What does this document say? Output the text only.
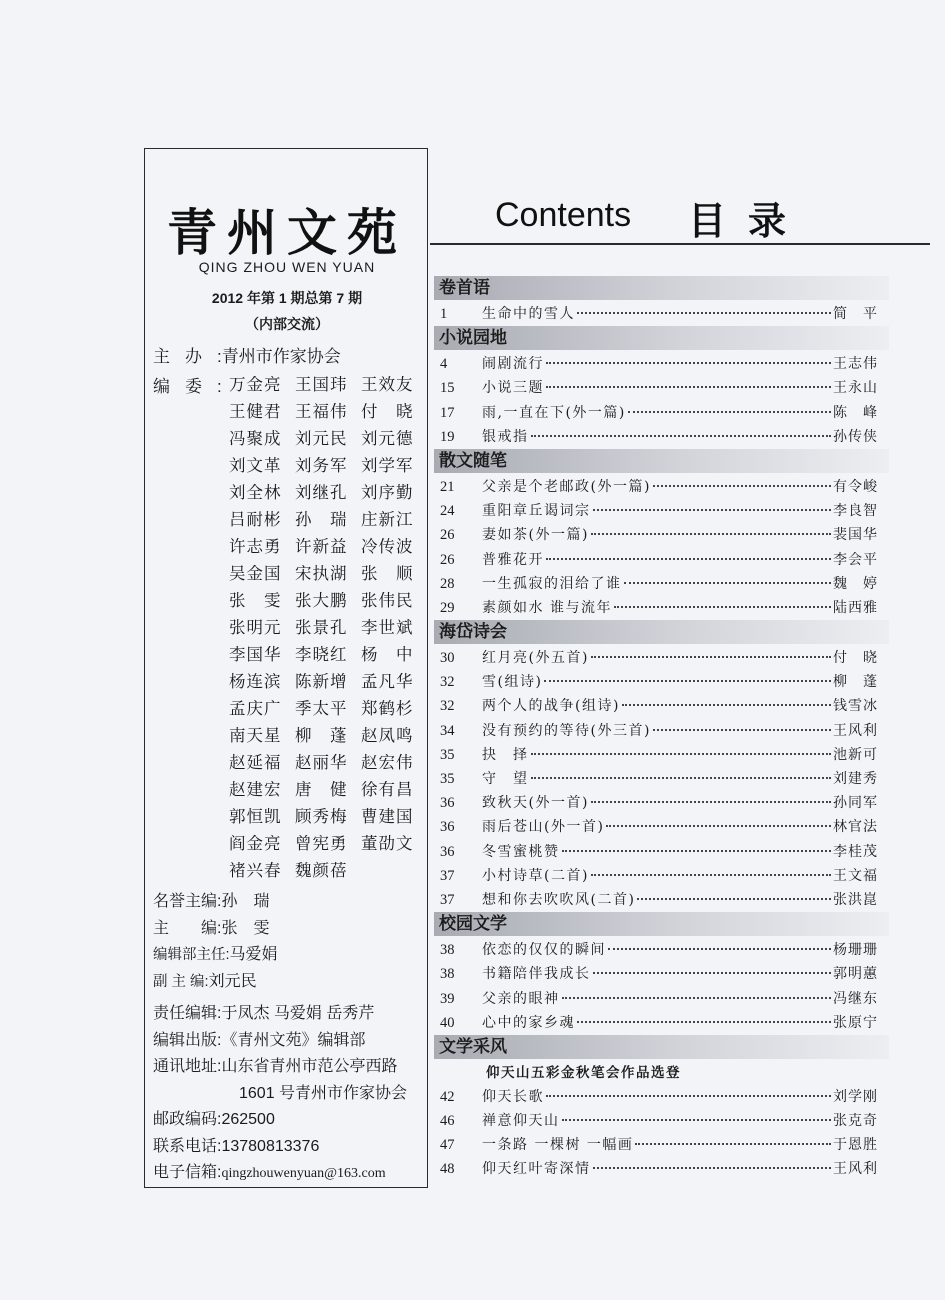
青州文苑
QING ZHOU WEN YUAN
2012 年第 1 期总第 7 期
（内部交流）
主办:青州市作家协会
编委:
万金亮 王国玮 王效友
王健君 王福伟 付　晓
冯聚成 刘元民 刘元德
刘文革 刘务军 刘学军
刘全林 刘继孔 刘序勤
吕耐彬 孙　瑞 庄新江
许志勇 许新益 冷传波
吴金国 宋执湖 张　顺
张　雯 张大鹏 张伟民
张明元 张景孔 李世斌
李国华 李晓红 杨　中
杨连滨 陈新增 孟凡华
孟庆广 季太平 郑鹤杉
南天星 柳　蓬 赵凤鸣
赵延福 赵丽华 赵宏伟
赵建宏 唐　健 徐有昌
郭恒凯 顾秀梅 曹建国
阎金亮 曾宪勇 董劭文
褚兴春 魏颜蓓
名誉主编:孙　瑞
主　　编:张　雯
编辑部主任:马爱娟
副 主 编:刘元民
责任编辑:于凤杰 马爱娟 岳秀芹
编辑出版:《青州文苑》编辑部
通讯地址:山东省青州市范公亭西路
1601 号青州市作家协会
邮政编码:262500
联系电话:13780813376
电子信箱:qingzhouwenyuan@163.com
Contents 目录
卷首语
1	生命中的雪人	简　平
小说园地
4	闹剧流行	王志伟
15	小说三题	王永山
17	雨,一直在下(外一篇)	陈　峰
19	银戒指	孙传侠
散文随笔
21	父亲是个老邮政(外一篇)	有令峻
24	重阳章丘谒词宗	李良智
26	妻如茶(外一篇)	裴国华
26	普雅花开	李会平
28	一生孤寂的泪给了谁	魏　婷
29	素颜如水 谁与流年	陆西雅
海岱诗会
30	红月亮(外五首)	付　晓
32	雪(组诗)	柳　蓬
32	两个人的战争(组诗)	钱雪冰
34	没有预约的等待(外三首)	王风利
35	抉　择	池新可
35	守　望	刘建秀
36	致秋天(外一首)	孙同军
36	雨后苍山(外一首)	林官法
36	冬雪蜜桃赞	李桂茂
37	小村诗草(二首)	王文福
37	想和你去吹吹风(二首)	张洪崑
校园文学
38	依恋的仅仅的瞬间	杨珊珊
38	书籍陪伴我成长	郭明蕙
39	父亲的眼神	冯继东
40	心中的家乡魂	张原宁
文学采风
仰天山五彩金秋笔会作品选登
42	仰天长歌	刘学刚
46	禅意仰天山	张克奇
47	一条路 一棵树 一幅画	于恩胜
48	仰天红叶寄深情	王风利
